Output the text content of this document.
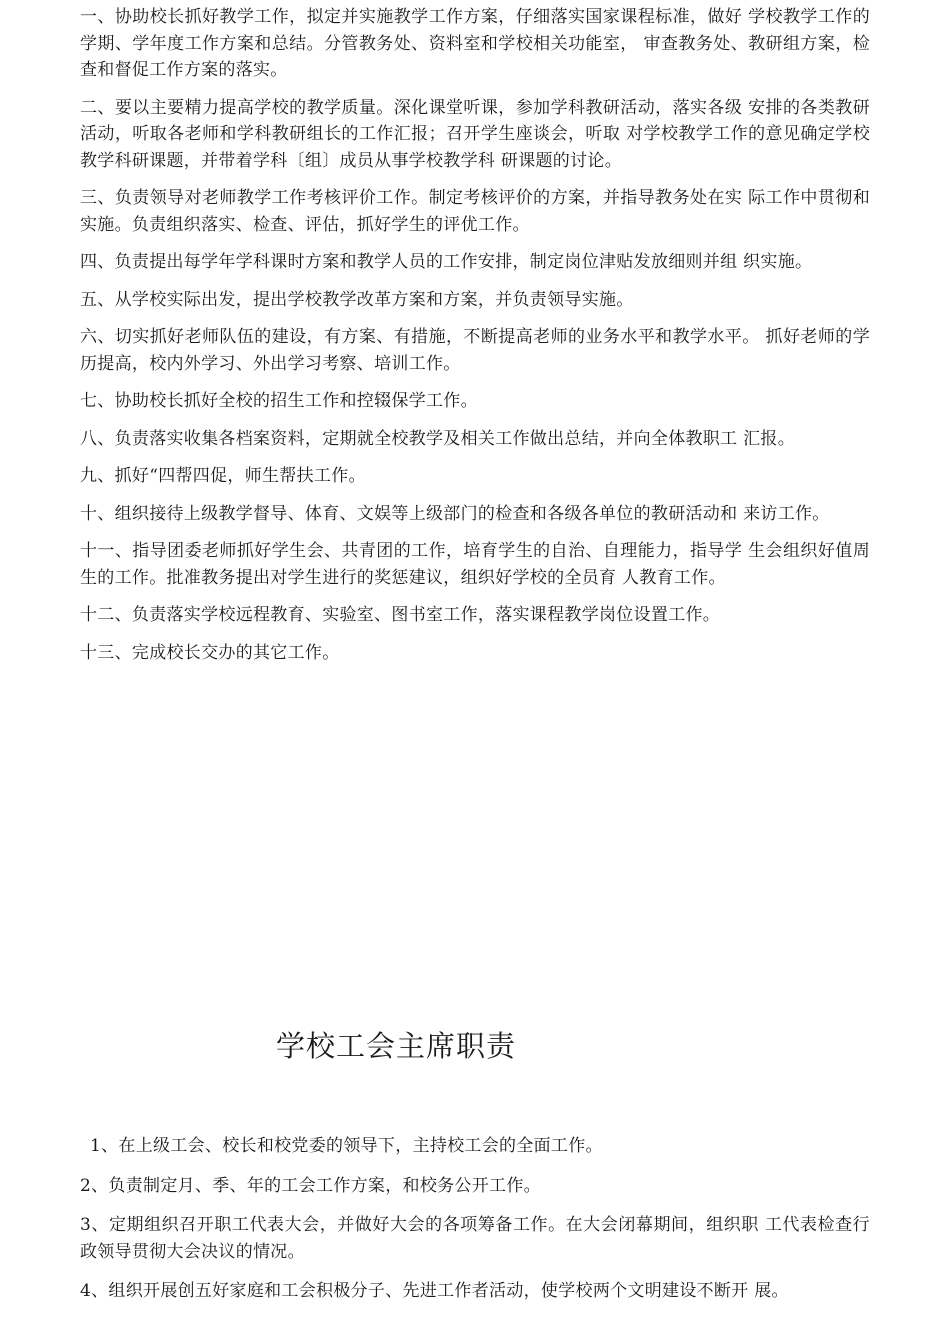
一、协助校长抓好教学工作，拟定并实施教学工作方案，仔细落实国家课程标准，做好 学校教学工作的学期、学年度工作方案和总结。分管教务处、资料室和学校相关功能室， 审查教务处、教研组方案，检查和督促工作方案的落实。

二、要以主要精力提高学校的教学质量。深化课堂听课，参加学科教研活动，落实各级 安排的各类教研活动，听取各老师和学科教研组长的工作汇报；召开学生座谈会，听取 对学校教学工作的意见确定学校教学科研课题，并带着学科〔组〕成员从事学校教学科 研课题的讨论。

三、负责领导对老师教学工作考核评价工作。制定考核评价的方案，并指导教务处在实 际工作中贯彻和实施。负责组织落实、检查、评估，抓好学生的评优工作。

四、负责提出每学年学科课时方案和教学人员的工作安排，制定岗位津贴发放细则并组 织实施。

五、从学校实际出发，提出学校教学改革方案和方案，并负责领导实施。

六、切实抓好老师队伍的建设，有方案、有措施，不断提高老师的业务水平和教学水平。 抓好老师的学历提高，校内外学习、外出学习考察、培训工作。

七、协助校长抓好全校的招生工作和控辍保学工作。

八、负责落实收集各档案资料，定期就全校教学及相关工作做出总结，并向全体教职工 汇报。

九、抓好“四帮四促，师生帮扶工作。

十、组织接待上级教学督导、体育、文娱等上级部门的检查和各级各单位的教研活动和 来访工作。

十一、指导团委老师抓好学生会、共青团的工作，培育学生的自治、自理能力，指导学 生会组织好值周生的工作。批准教务提出对学生进行的奖惩建议，组织好学校的全员育 人教育工作。

十二、负责落实学校远程教育、实验室、图书室工作，落实课程教学岗位设置工作。

十三、完成校长交办的其它工作。

学校工会主席职责

1、在上级工会、校长和校党委的领导下，主持校工会的全面工作。

2、负责制定月、季、年的工会工作方案，和校务公开工作。

3、定期组织召开职工代表大会，并做好大会的各项筹备工作。在大会闭幕期间，组织职 工代表检查行政领导贯彻大会决议的情况。

4、组织开展创五好家庭和工会积极分子、先进工作者活动，使学校两个文明建设不断开 展。
